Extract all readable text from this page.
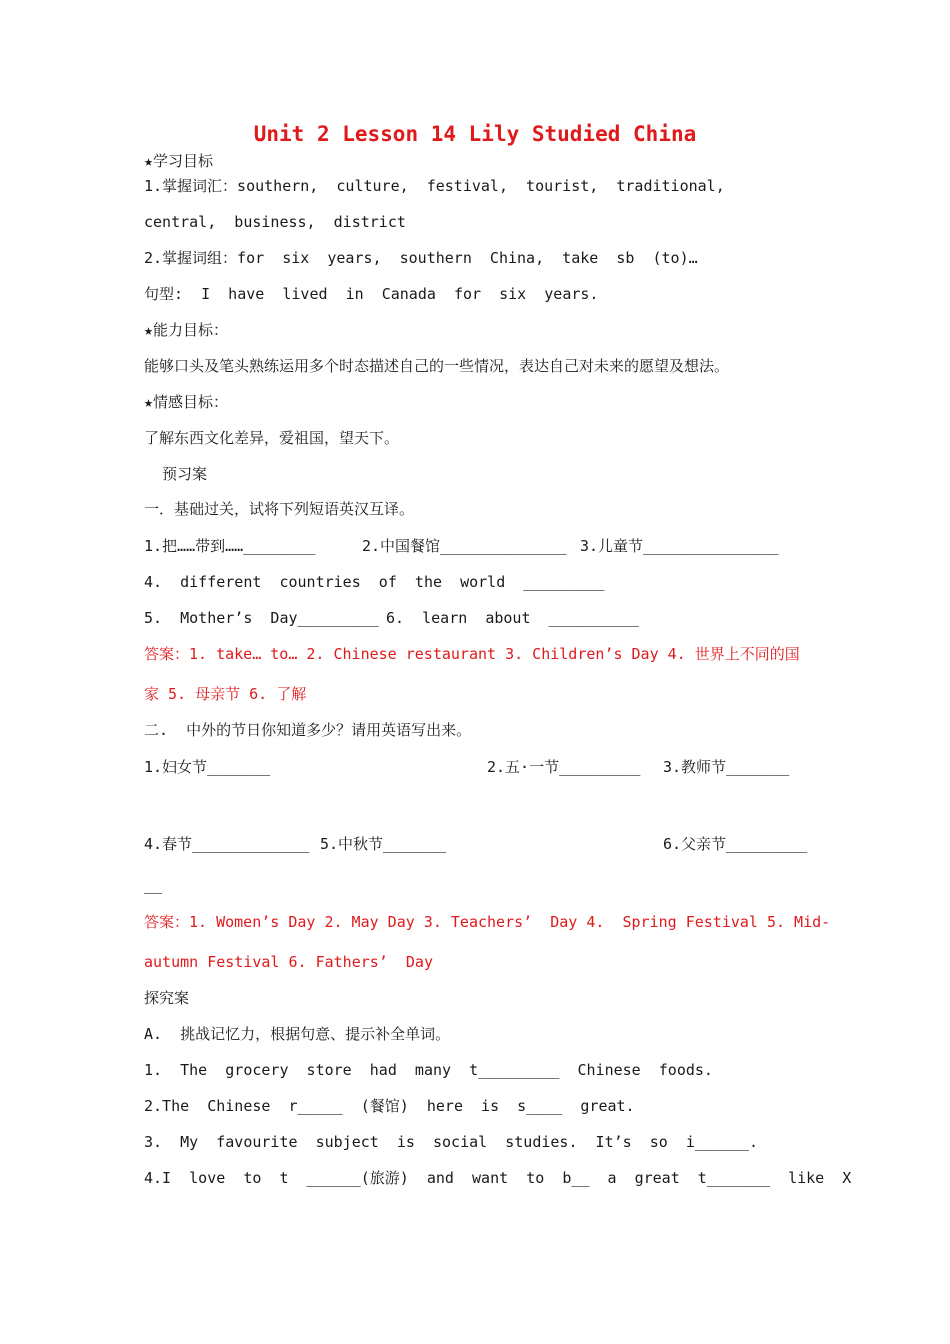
Unit 2 Lesson 14 Lily Studied China
★学习目标
1.掌握词汇：southern,  culture,  festival,  tourist,  traditional,
central,  business,  district
2.掌握词组：for  six  years,  southern  China,  take  sb  (to)…
句型:  I  have  lived  in  Canada  for  six  years.
★能力目标：
能够口头及笔头熟练运用多个时态描述自己的一些情况，表达自己对未来的愿望及想法。
★情感目标：
了解东西文化差异，爱祖国，望天下。
预习案
一．基础过关，试将下列短语英汉互译。
1.把……带到……________	2.中国餐馆______________ 3.儿童节_______________
4.  different  countries  of  the  world  _________
5.  Mother’s  Day_________ 6.  learn  about  __________
答案：1. take… to… 2. Chinese restaurant 3. Children’s Day 4. 世界上不同的国
家 5. 母亲节 6. 了解
二.  中外的节日你知道多少？请用英语写出来。
1.妇女节_______	2.五·一节_________ 3.教师节_______
4.春节_____________ 5.中秋节_______	6.父亲节_________
__
答案：1. Women’s Day 2. May Day 3. Teachers’  Day 4.  Spring Festival 5. Mid-
autumn Festival 6. Fathers’  Day
探究案
A.  挑战记忆力，根据句意、提示补全单词。
1.  The  grocery  store  had  many  t_________  Chinese  foods.
2.The  Chinese  r_____  (餐馆)  here  is  s____  great.
3.  My  favourite  subject  is  social  studies.  It’s  so  i______.
4.I  love  to  t  ______(旅游)  and  want  to  b__  a  great  t_______  like  X
